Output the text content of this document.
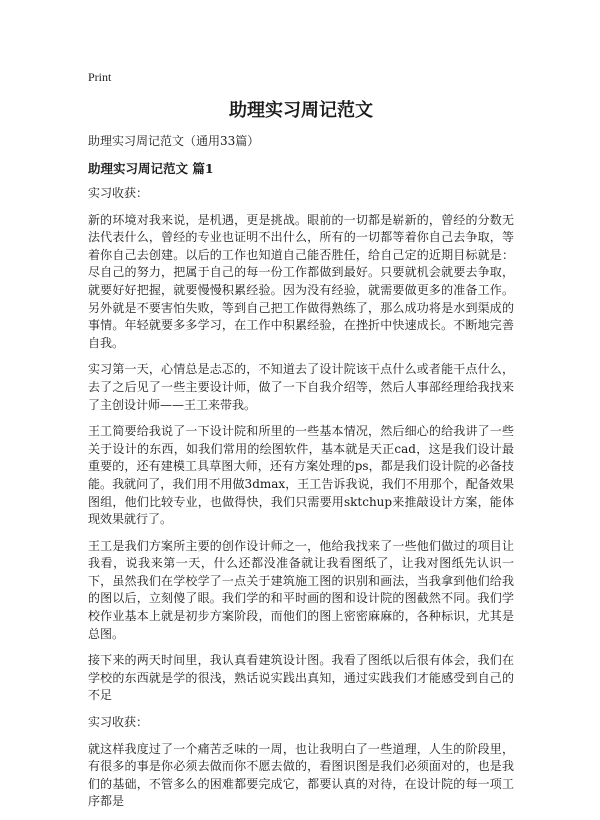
Print
助理实习周记范文

助理实习周记范文（通用33篇）

助理实习周记范文 篇1

实习收获：

新的环境对我来说，是机遇，更是挑战。眼前的一切都是崭新的，曾经的分数无法代表什么，曾经的专业也证明不出什么，所有的一切都等着你自己去争取，等着你自己去创建。以后的工作也知道自己能否胜任，给自己定的近期目标就是：尽自己的努力，把属于自己的每一份工作都做到最好。只要就机会就要去争取，就要好好把握，就要慢慢积累经验。因为没有经验，就需要做更多的准备工作。另外就是不要害怕失败，等到自己把工作做得熟练了，那么成功将是水到渠成的事情。年轻就要多多学习，在工作中积累经验，在挫折中快速成长。不断地完善自我。

实习第一天，心情总是忐忑的，不知道去了设计院该干点什么或者能干点什么，去了之后见了一些主要设计师，做了一下自我介绍等，然后人事部经理给我找来了主创设计师——王工来带我。

王工简要给我说了一下设计院和所里的一些基本情况，然后细心的给我讲了一些关于设计的东西，如我们常用的绘图软件，基本就是天正cad，这是我们设计最重要的，还有建模工具草图大师，还有方案处理的ps，都是我们设计院的必备技能。我就问了，我们用不用做3dmax，王工告诉我说，我们不用那个，配备效果图组，他们比较专业，也做得快，我们只需要用sktchup来推敲设计方案，能体现效果就行了。

王工是我们方案所主要的创作设计师之一，他给我找来了一些他们做过的项目让我看，说我来第一天，什么还都没准备就让我看图纸了，让我对图纸先认识一下，虽然我们在学校学了一点关于建筑施工图的识别和画法，当我拿到他们给我的图以后，立刻傻了眼。我们学的和平时画的图和设计院的图截然不同。我们学校作业基本上就是初步方案阶段，而他们的图上密密麻麻的，各种标识，尤其是总图。

接下来的两天时间里，我认真看建筑设计图。我看了图纸以后很有体会，我们在学校的东西就是学的很浅，熟话说实践出真知，通过实践我们才能感受到自己的不足

实习收获：

就这样我度过了一个痛苦乏味的一周，也让我明白了一些道理，人生的阶段里，有很多的事是你必须去做而你不愿去做的，看图识图是我们必须面对的，也是我们的基础，不管多么的困难都要完成它，都要认真的对待，在设计院的每一项工序都是
